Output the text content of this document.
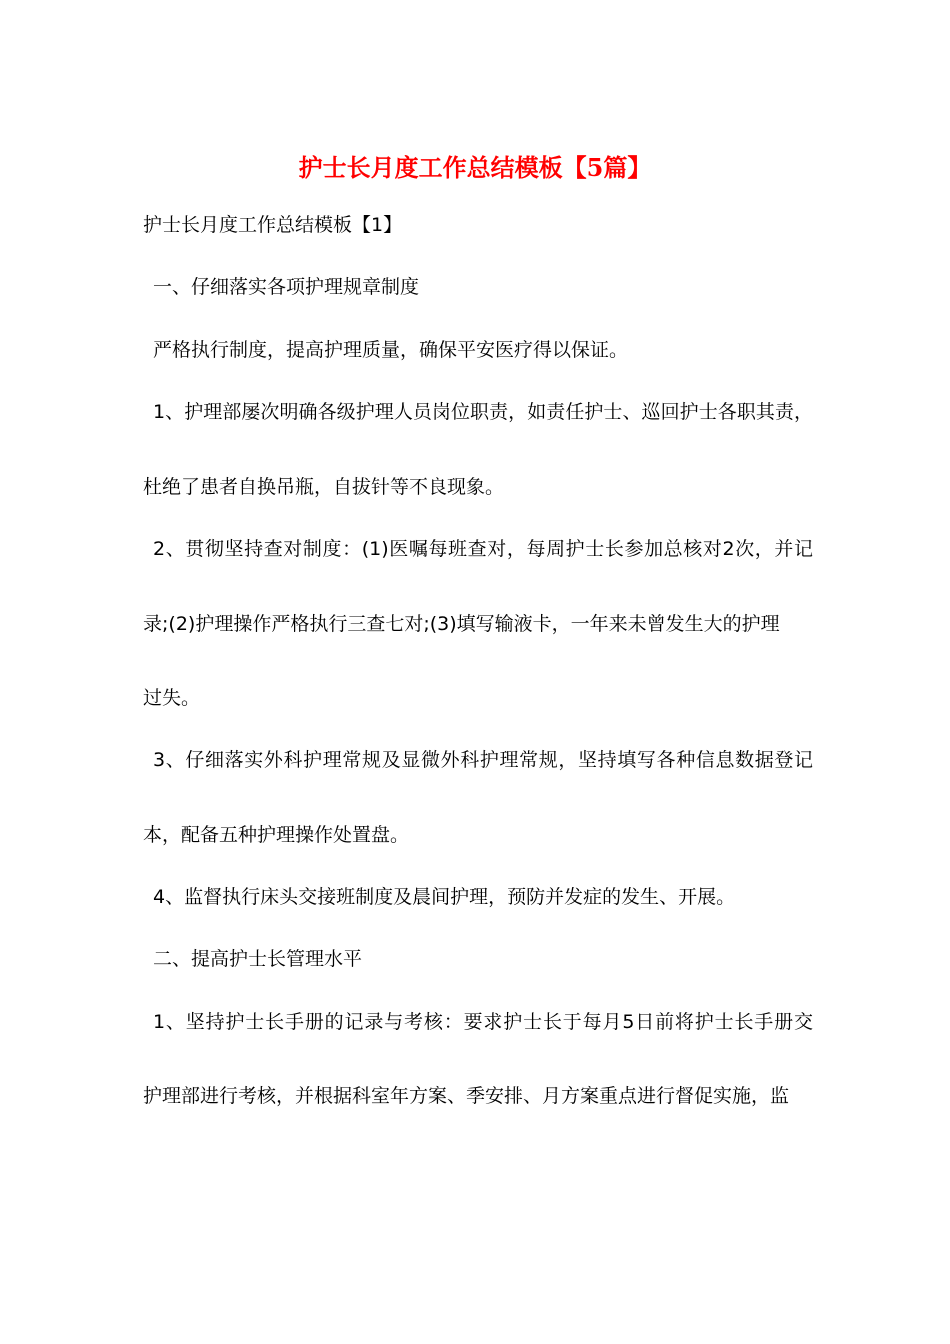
护士长月度工作总结模板【5篇】

护士长月度工作总结模板【1】

一、仔细落实各项护理规章制度

严格执行制度，提高护理质量，确保平安医疗得以保证。

1、护理部屡次明确各级护理人员岗位职责，如责任护士、巡回护士各职其责，

杜绝了患者自换吊瓶，自拔针等不良现象。

2、贯彻坚持查对制度：(1)医嘱每班查对，每周护士长参加总核对2次，并记

录;(2)护理操作严格执行三查七对;(3)填写输液卡，一年来未曾发生大的护理

过失。

3、仔细落实外科护理常规及显微外科护理常规，坚持填写各种信息数据登记

本，配备五种护理操作处置盘。

4、监督执行床头交接班制度及晨间护理，预防并发症的发生、开展。

二、提高护士长管理水平

1、坚持护士长手册的记录与考核：要求护士长于每月5日前将护士长手册交

护理部进行考核，并根据科室年方案、季安排、月方案重点进行督促实施，监
